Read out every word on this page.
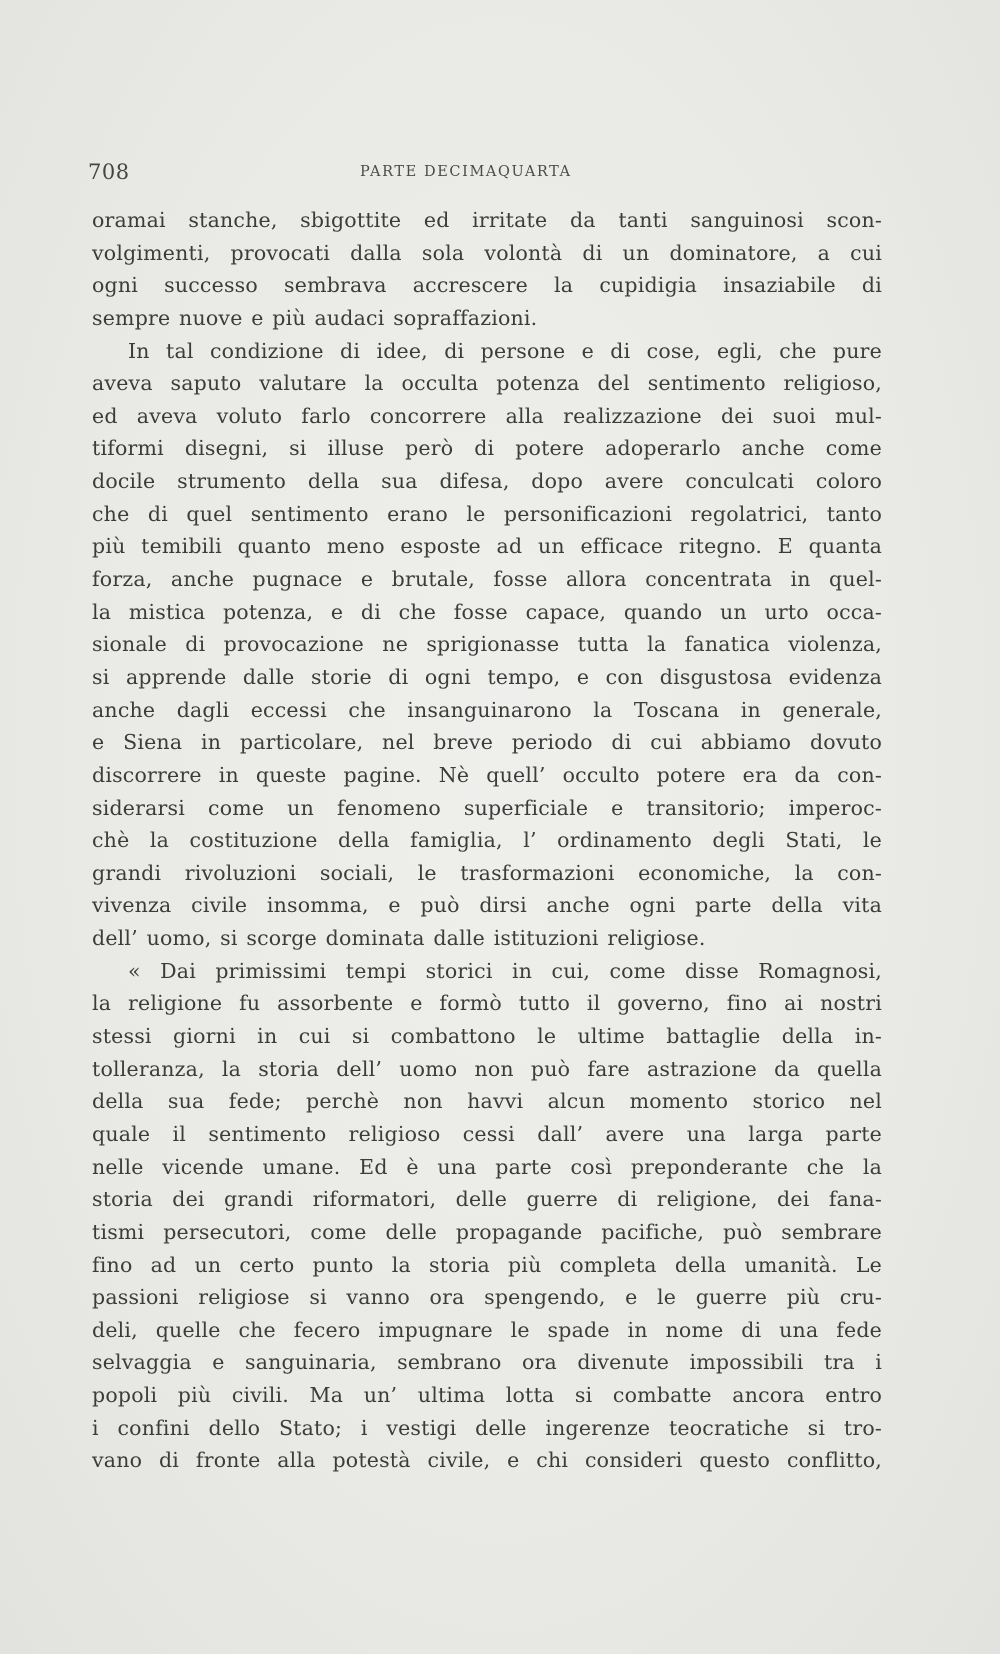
708	PARTE DECIMAQUARTA
oramai stanche, sbigottite ed irritate da tanti sanguinosi scon-
volgimenti, provocati dalla sola volontà di un dominatore, a cui
ogni successo sembrava accrescere la cupidigia insaziabile di
sempre nuove e più audaci sopraffazioni.
In tal condizione di idee, di persone e di cose, egli, che pure
aveva saputo valutare la occulta potenza del sentimento religioso,
ed aveva voluto farlo concorrere alla realizzazione dei suoi mul-
tiformi disegni, si illuse però di potere adoperarlo anche come
docile strumento della sua difesa, dopo avere conculcati coloro
che di quel sentimento erano le personificazioni regolatrici, tanto
più temibili quanto meno esposte ad un efficace ritegno. E quanta
forza, anche pugnace e brutale, fosse allora concentrata in quel-
la mistica potenza, e di che fosse capace, quando un urto occa-
sionale di provocazione ne sprigionasse tutta la fanatica violenza,
si apprende dalle storie di ogni tempo, e con disgustosa evidenza
anche dagli eccessi che insanguinarono la Toscana in generale,
e Siena in particolare, nel breve periodo di cui abbiamo dovuto
discorrere in queste pagine. Nè quell’ occulto potere era da con-
siderarsi come un fenomeno superficiale e transitorio; imperoc-
chè la costituzione della famiglia, l’ ordinamento degli Stati, le
grandi rivoluzioni sociali, le trasformazioni economiche, la con-
vivenza civile insomma, e può dirsi anche ogni parte della vita
dell’ uomo, si scorge dominata dalle istituzioni religiose.
« Dai primissimi tempi storici in cui, come disse Romagnosi,
la religione fu assorbente e formò tutto il governo, fino ai nostri
stessi giorni in cui si combattono le ultime battaglie della in-
tolleranza, la storia dell’ uomo non può fare astrazione da quella
della sua fede; perchè non havvi alcun momento storico nel
quale il sentimento religioso cessi dall’ avere una larga parte
nelle vicende umane. Ed è una parte così preponderante che la
storia dei grandi riformatori, delle guerre di religione, dei fana-
tismi persecutori, come delle propagande pacifiche, può sembrare
fino ad un certo punto la storia più completa della umanità. Le
passioni religiose si vanno ora spengendo, e le guerre più cru-
deli, quelle che fecero impugnare le spade in nome di una fede
selvaggia e sanguinaria, sembrano ora divenute impossibili tra i
popoli più civili. Ma un’ ultima lotta si combatte ancora entro
i confini dello Stato; i vestigi delle ingerenze teocratiche si tro-
vano di fronte alla potestà civile, e chi consideri questo conflitto,
